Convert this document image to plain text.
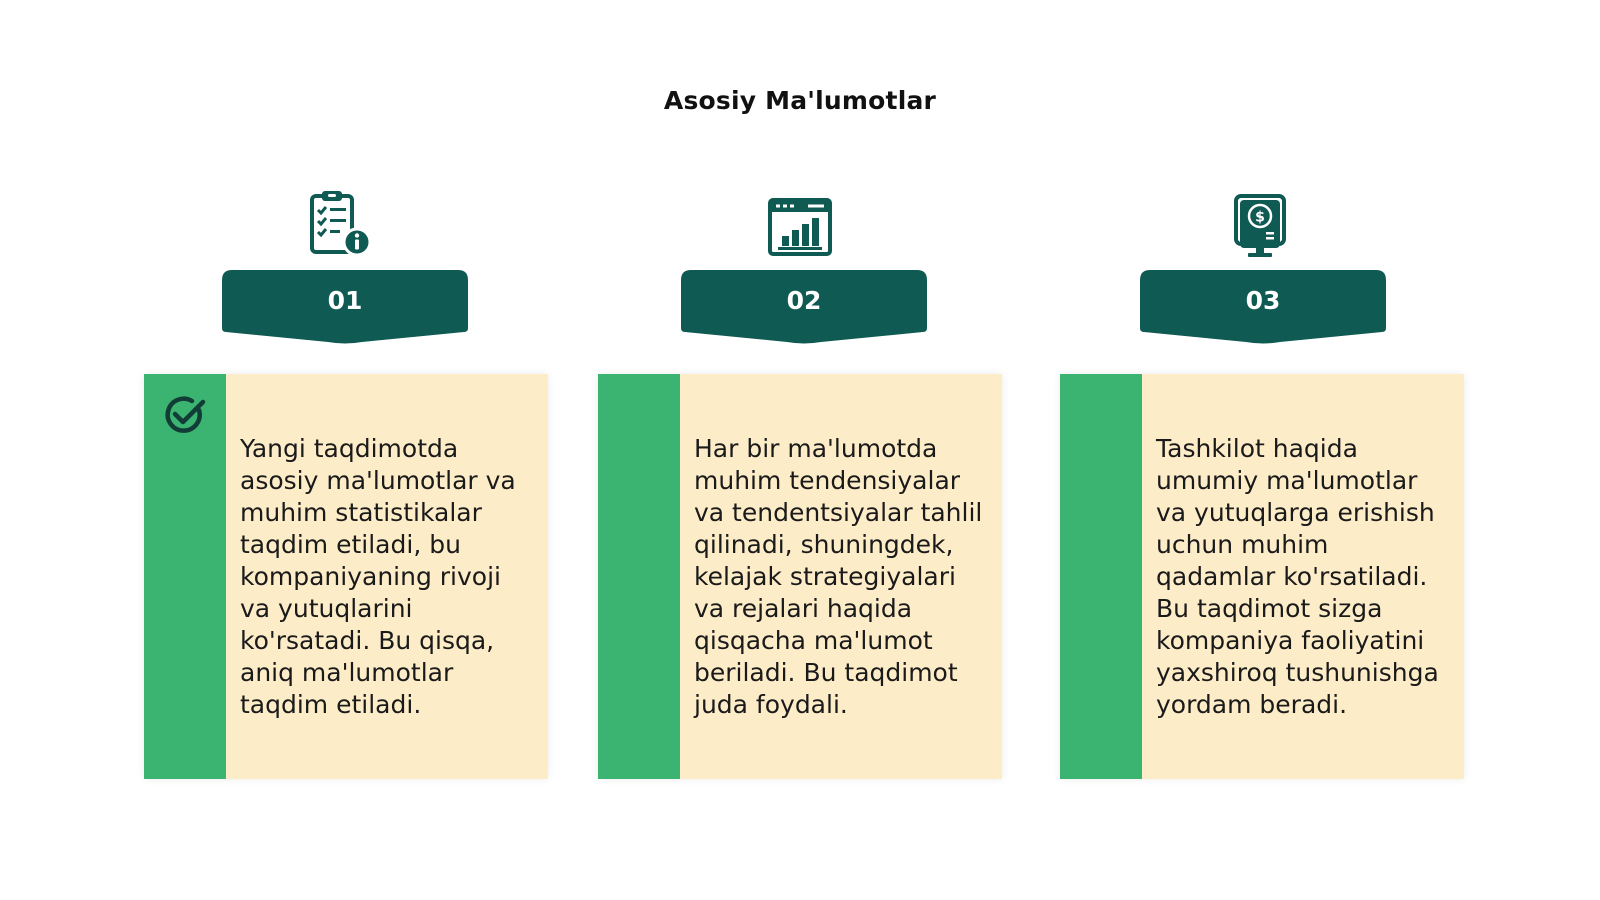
Asosiy Ma'lumotlar
01
Yangi taqdimotda asosiy ma'lumotlar va muhim statistikalar taqdim etiladi, bu kompaniyaning rivoji va yutuqlarini ko'rsatadi. Bu qisqa, aniq ma'lumotlar taqdim etiladi.
02
Har bir ma'lumotda muhim tendensiyalar va tendentsiyalar tahlil qilinadi, shuningdek, kelajak strategiyalari va rejalari haqida qisqacha ma'lumot beriladi. Bu taqdimot juda foydali.
$
03
Tashkilot haqida umumiy ma'lumotlar va yutuqlarga erishish uchun muhim qadamlar ko'rsatiladi. Bu taqdimot sizga kompaniya faoliyatini yaxshiroq tushunishga yordam beradi.
